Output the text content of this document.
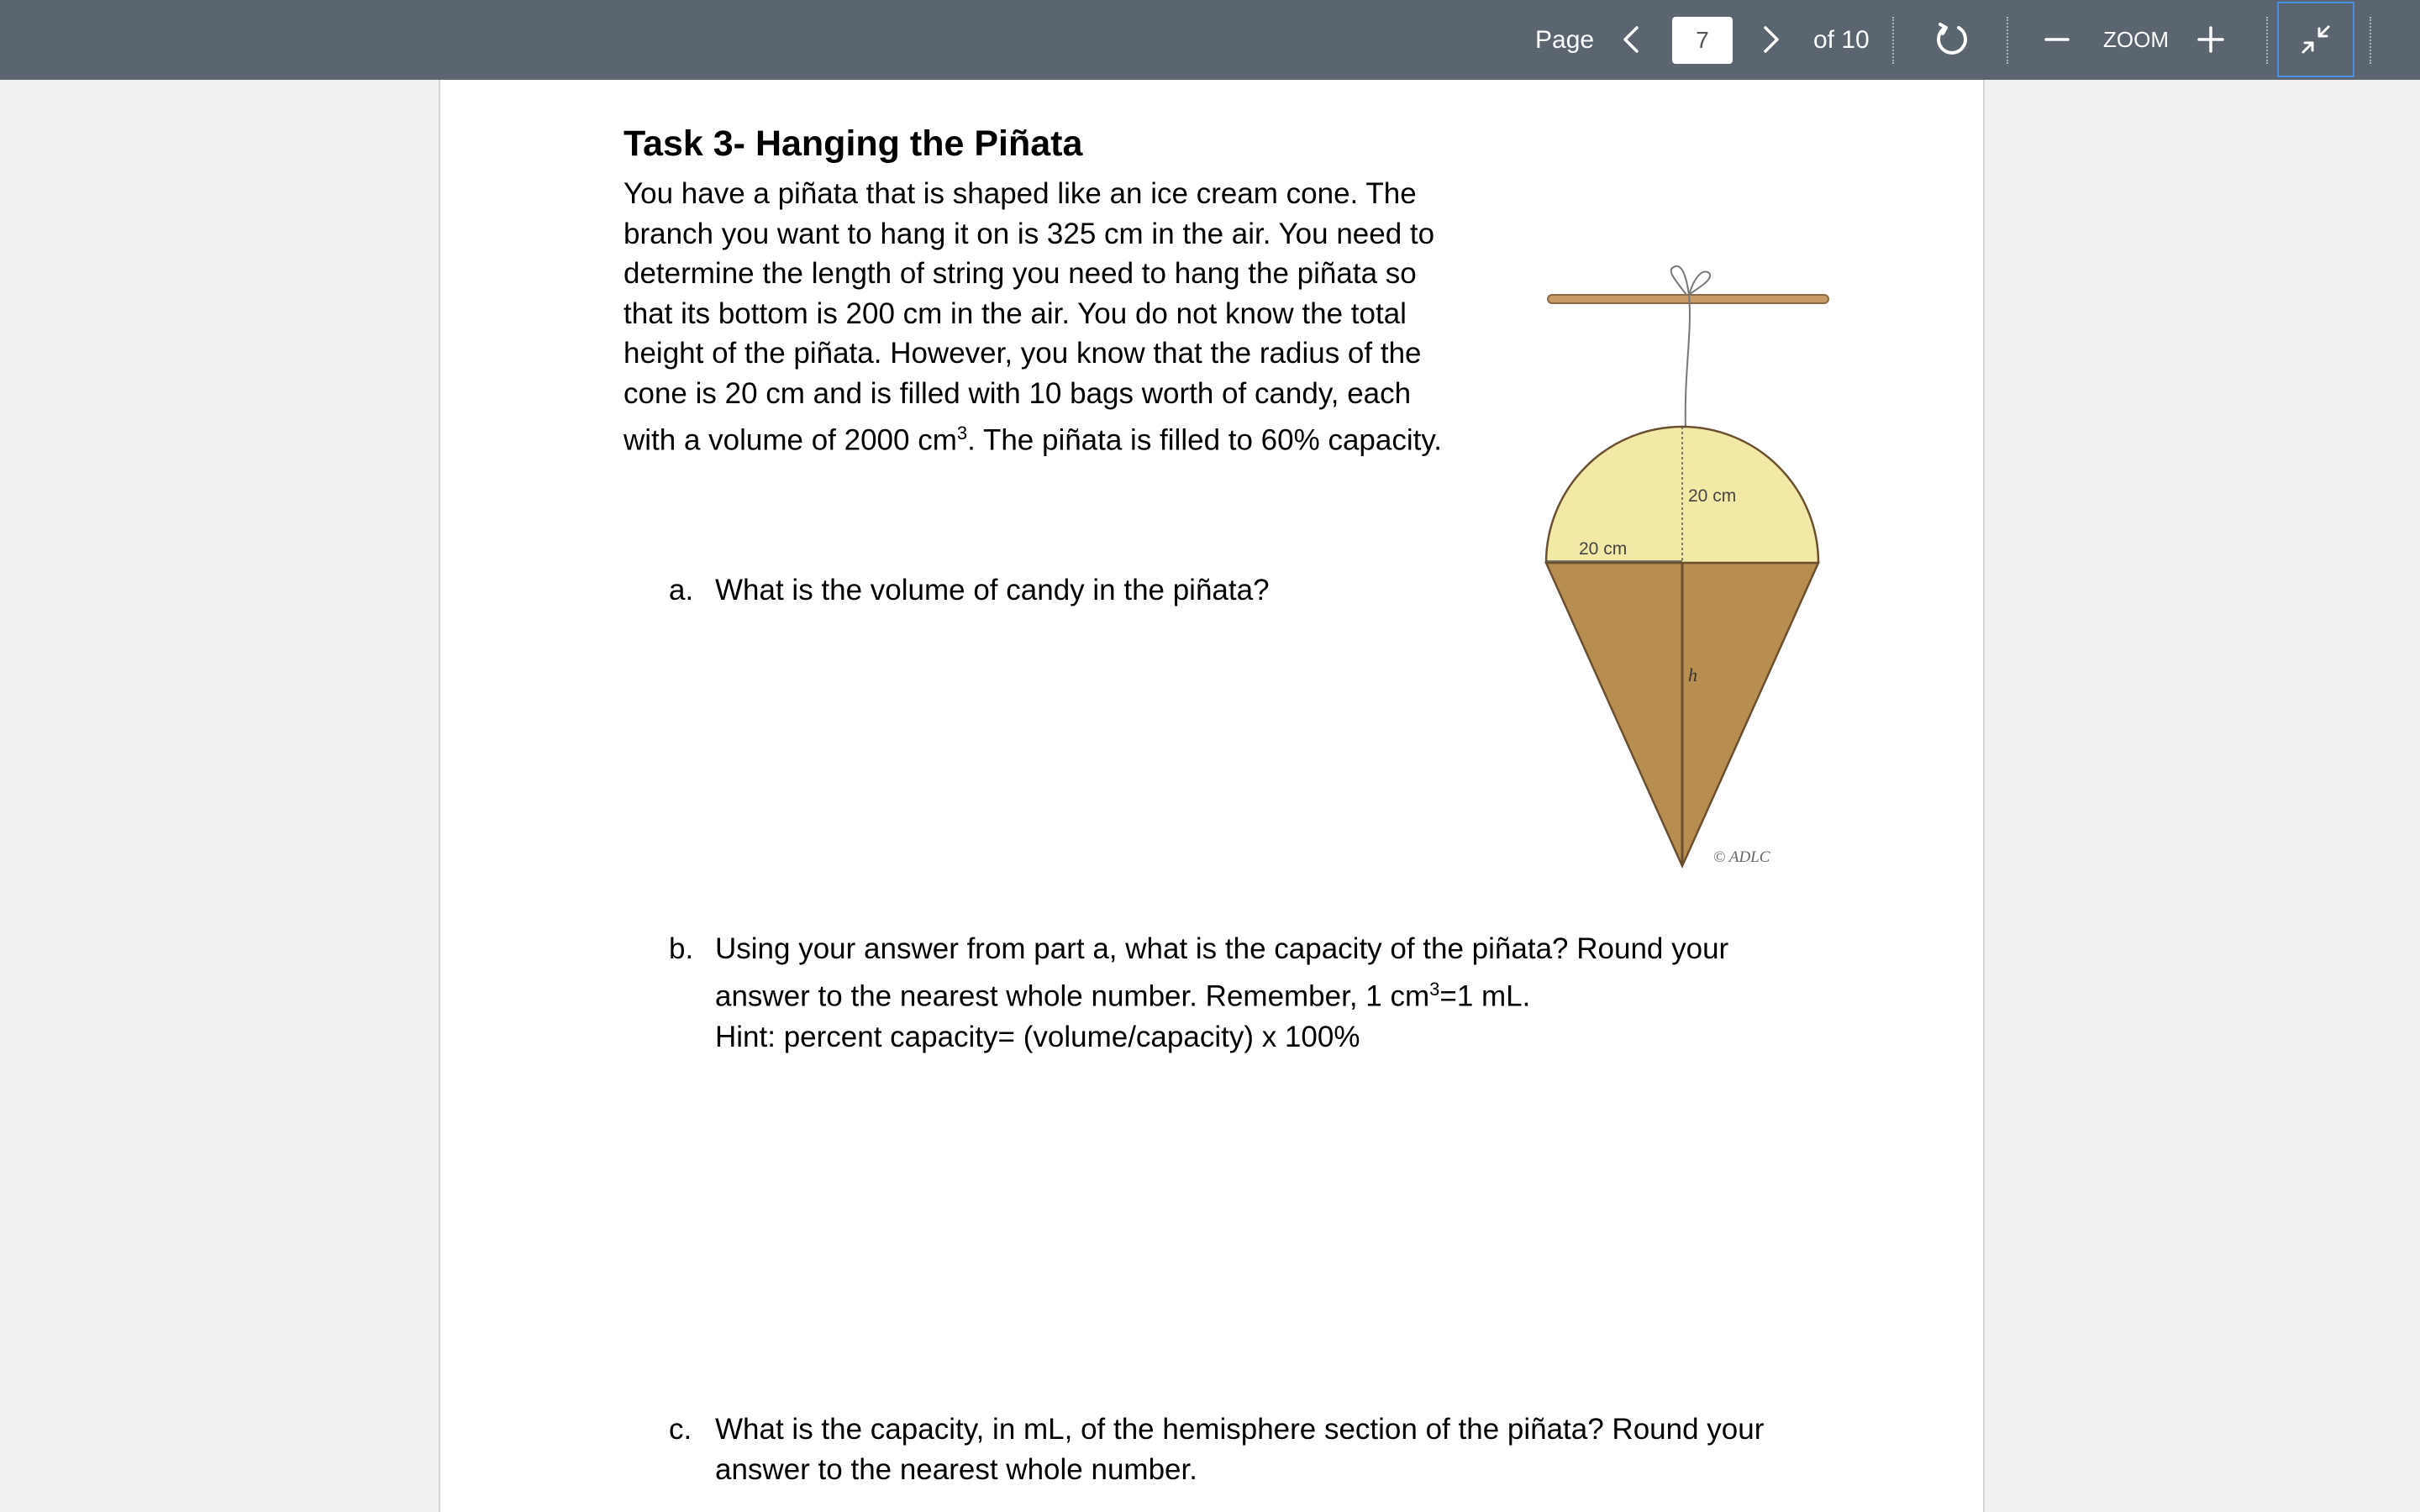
Page
7	of 10	ZOOM
Task 3- Hanging the Piñata
You have a piñata that is shaped like an ice cream cone. The
branch you want to hang it on is 325 cm in the air. You need to
determine the length of string you need to hang the piñata so
that its bottom is 200 cm in the air. You do not know the total
height of the piñata. However, you know that the radius of the
cone is 20 cm and is filled with 10 bags worth of candy, each
with a volume of 2000 $cm^3$. The piñata is filled to 60% capacity.
a. What is the volume of candy in the piñata?
b. Using your answer from part a, what is the capacity of the piñata? Round your
answer to the nearest whole number. Remember, 1 $cm^3=1$ mL.
Hint: percent capacity= (volume/capacity) x 100%
c. What is the capacity, in mL, of the hemisphere section of the piñata? Round your
answer to the nearest whole number.
20 cm
20 cm
h
© ADLC
